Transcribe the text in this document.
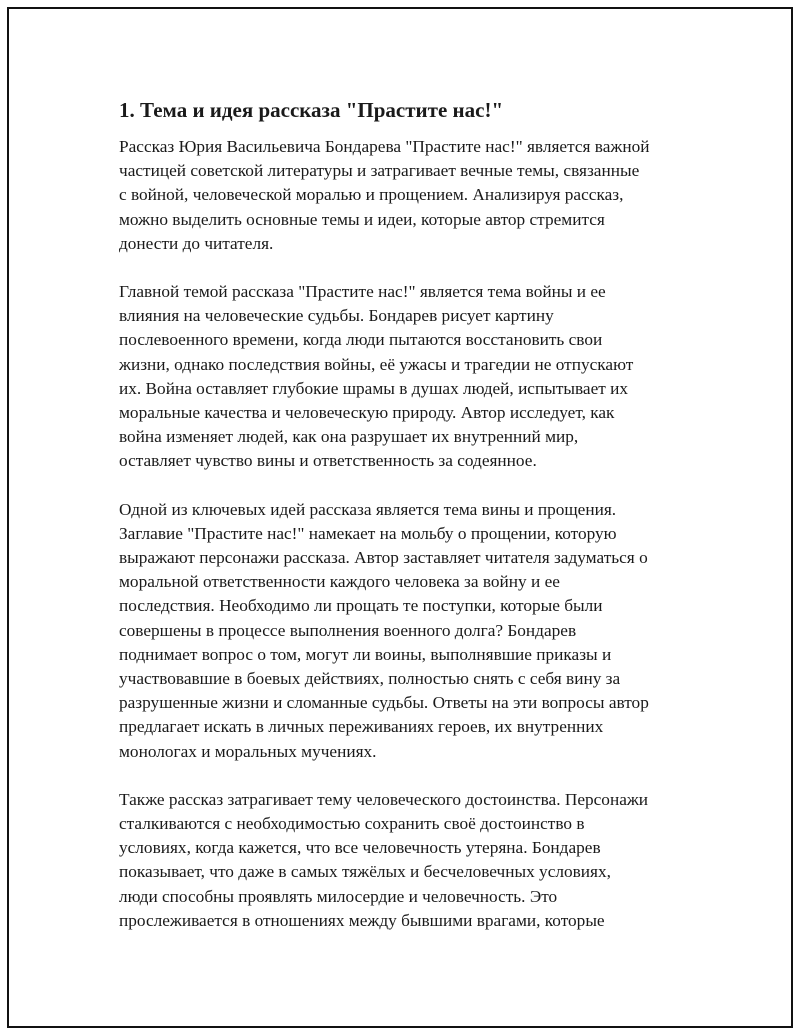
1. Тема и идея рассказа "Прастите нас!"
Рассказ Юрия Васильевича Бондарева "Прастите нас!" является важной
частицей советской литературы и затрагивает вечные темы, связанные
с войной, человеческой моралью и прощением. Анализируя рассказ,
можно выделить основные темы и идеи, которые автор стремится
донести до читателя.
Главной темой рассказа "Прастите нас!" является тема войны и ее
влияния на человеческие судьбы. Бондарев рисует картину
послевоенного времени, когда люди пытаются восстановить свои
жизни, однако последствия войны, её ужасы и трагедии не отпускают
их. Война оставляет глубокие шрамы в душах людей, испытывает их
моральные качества и человеческую природу. Автор исследует, как
война изменяет людей, как она разрушает их внутренний мир,
оставляет чувство вины и ответственность за содеянное.
Одной из ключевых идей рассказа является тема вины и прощения.
Заглавие "Прастите нас!" намекает на мольбу о прощении, которую
выражают персонажи рассказа. Автор заставляет читателя задуматься о
моральной ответственности каждого человека за войну и ее
последствия. Необходимо ли прощать те поступки, которые были
совершены в процессе выполнения военного долга? Бондарев
поднимает вопрос о том, могут ли воины, выполнявшие приказы и
участвовавшие в боевых действиях, полностью снять с себя вину за
разрушенные жизни и сломанные судьбы. Ответы на эти вопросы автор
предлагает искать в личных переживаниях героев, их внутренних
монологах и моральных мучениях.
Также рассказ затрагивает тему человеческого достоинства. Персонажи
сталкиваются с необходимостью сохранить своё достоинство в
условиях, когда кажется, что все человечность утеряна. Бондарев
показывает, что даже в самых тяжёлых и бесчеловечных условиях,
люди способны проявлять милосердие и человечность. Это
прослеживается в отношениях между бывшими врагами, которые
